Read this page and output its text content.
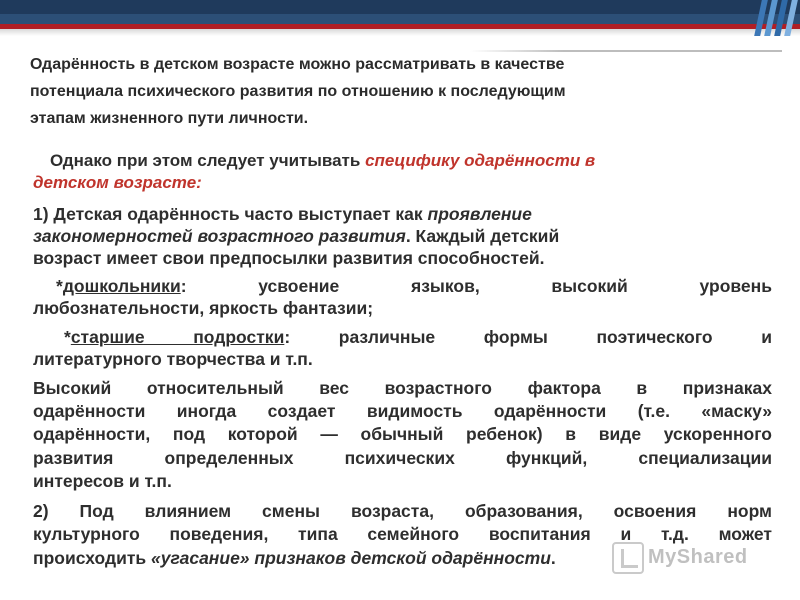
Одарённость в детском возрасте можно рассматривать в качестве
потенциала психического развития по отношению к последующим
этапам жизненного пути личности.
Однако при этом следует учитывать специфику одарённости в
детском возрасте:
1) Детская одарённость часто выступает как проявление
закономерностей возрастного развития. Каждый детский
возраст имеет свои предпосылки развития способностей.
*дошкольники: усвоение языков, высокий уровень
любознательности, яркость фантазии;
*старшие подростки: различные формы поэтического и
литературного творчества и т.п.
Высокий относительный вес возрастного фактора в признаках
одарённости иногда создает видимость одарённости (т.е. «маску»
одарённости, под которой — обычный ребенок) в виде ускоренного
развития определенных психических функций, специализации
интересов и т.п.
2) Под влиянием смены возраста, образования, освоения норм
культурного поведения, типа семейного воспитания и т.д. может
происходить «угасание» признаков детской одарённости.	MyShared
